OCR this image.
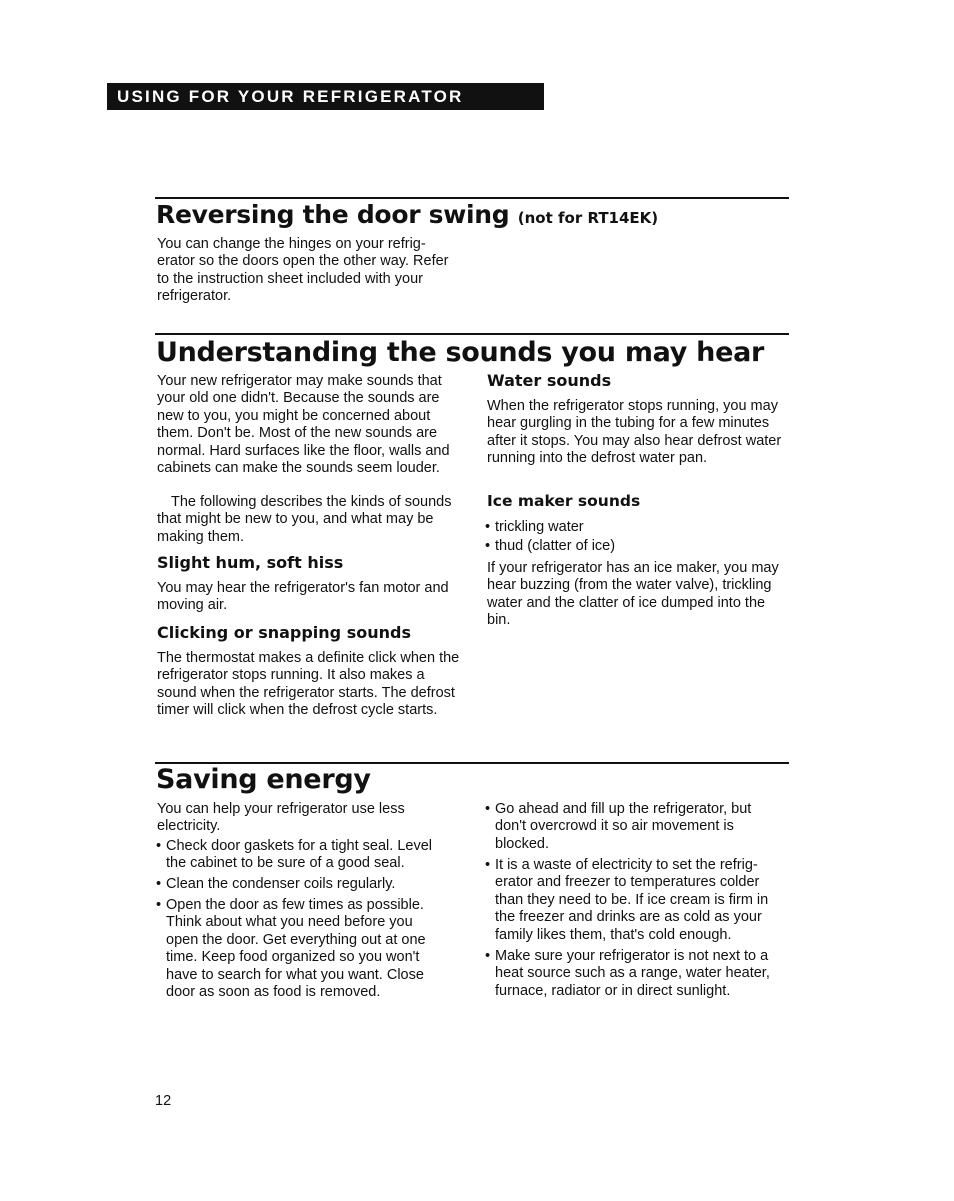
USING FOR YOUR REFRIGERATOR
Reversing the door swing (not for RT14EK)
You can change the hinges on your refrig- erator so the doors open the other way. Refer to the instruction sheet included with your refrigerator.
Understanding the sounds you may hear
Your new refrigerator may make sounds that your old one didn't. Because the sounds are new to you, you might be concerned about them. Don't be. Most of the new sounds are normal. Hard surfaces like the floor, walls and cabinets can make the sounds seem louder.
The following describes the kinds of sounds that might be new to you, and what may be making them.
Slight hum, soft hiss
You may hear the refrigerator's fan motor and moving air.
Clicking or snapping sounds
The thermostat makes a definite click when the refrigerator stops running. It also makes a sound when the refrigerator starts. The defrost timer will click when the defrost cycle starts.
Water sounds
When the refrigerator stops running, you may hear gurgling in the tubing for a few minutes after it stops. You may also hear defrost water running into the defrost water pan.
Ice maker sounds
• trickling water
• thud (clatter of ice)
If your refrigerator has an ice maker, you may hear buzzing (from the water valve), trickling water and the clatter of ice dumped into the bin.
Saving energy
You can help your refrigerator use less electricity.
• Check door gaskets for a tight seal. Level the cabinet to be sure of a good seal.
• Clean the condenser coils regularly.
• Open the door as few times as possible. Think about what you need before you open the door. Get everything out at one time. Keep food organized so you won't have to search for what you want. Close door as soon as food is removed.
• Go ahead and fill up the refrigerator, but don't overcrowd it so air movement is blocked.
• It is a waste of electricity to set the refrig- erator and freezer to temperatures colder than they need to be. If ice cream is firm in the freezer and drinks are as cold as your family likes them, that's cold enough.
• Make sure your refrigerator is not next to a heat source such as a range, water heater, furnace, radiator or in direct sunlight.
12
